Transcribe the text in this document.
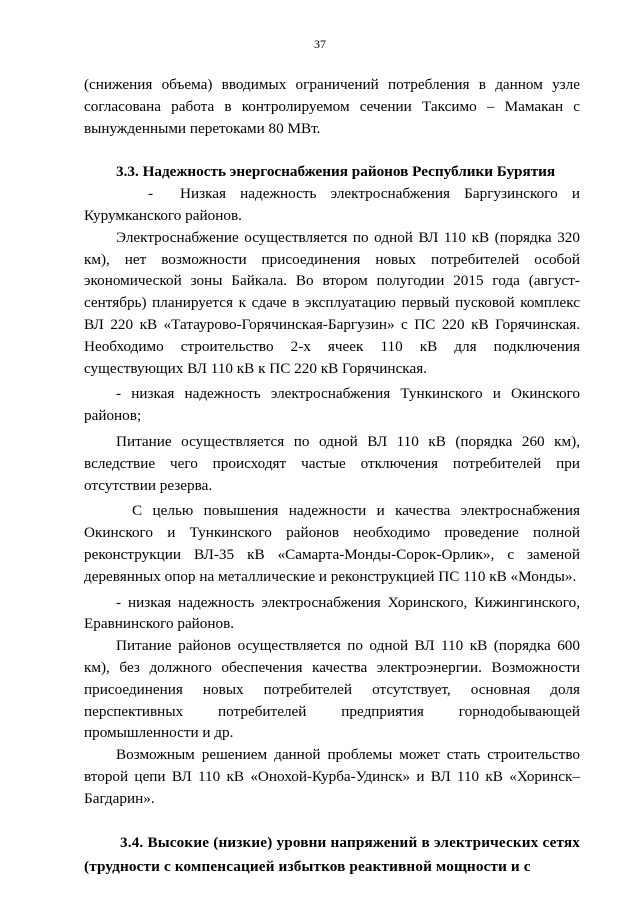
37

(снижения объема) вводимых ограничений потребления в данном узле согласована работа в контролируемом сечении Таксимо – Мамакан с вынужденными перетоками 80 МВт.

3.3. Надежность энергоснабжения районов Республики Бурятия

- Низкая надежность электроснабжения Баргузинского и Курумканского районов.

Электроснабжение осуществляется по одной ВЛ 110 кВ (порядка 320 км), нет возможности присоединения новых потребителей особой экономической зоны Байкала. Во втором полугодии 2015 года (август-сентябрь) планируется к сдаче в эксплуатацию первый пусковой комплекс ВЛ 220 кВ «Татаурово-Горячинская-Баргузин» с ПС 220 кВ Горячинская. Необходимо строительство 2-х ячеек 110 кВ для подключения существующих ВЛ 110 кВ к ПС 220 кВ Горячинская.

- низкая надежность электроснабжения Тункинского и Окинского районов;

Питание осуществляется по одной ВЛ 110 кВ (порядка 260 км), вследствие чего происходят частые отключения потребителей при отсутствии резерва.

С целью повышения надежности и качества электроснабжения Окинского и Тункинского районов необходимо проведение полной реконструкции ВЛ-35 кВ «Самарта-Монды-Сорок-Орлик», с заменой деревянных опор на металлические и реконструкцией ПС 110 кВ «Монды».

- низкая надежность электроснабжения Хоринского, Кижингинского, Еравнинского районов.

Питание районов осуществляется по одной ВЛ 110 кВ (порядка 600 км), без должного обеспечения качества электроэнергии. Возможности присоединения новых потребителей отсутствует, основная доля перспективных потребителей предприятия горнодобывающей промышленности и др.

Возможным решением данной проблемы может стать строительство второй цепи ВЛ 110 кВ «Онохой-Курба-Удинск» и ВЛ 110 кВ «Хоринск–Багдарин».

3.4. Высокие (низкие) уровни напряжений в электрических сетях (трудности с компенсацией избытков реактивной мощности и с
